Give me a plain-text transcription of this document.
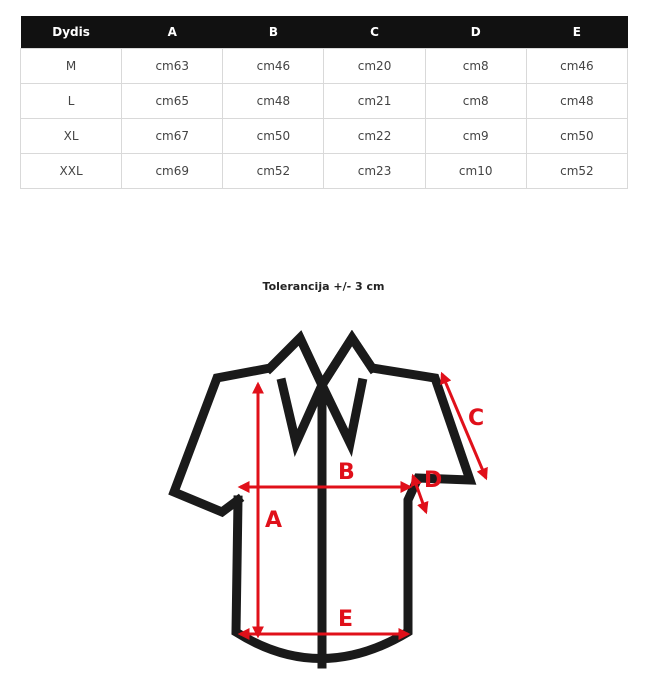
Dydis	A	B	C	D	E
M	cm63	cm46	cm20	cm8	cm46
L	cm65	cm48	cm21	cm8	cm48
XL	cm67	cm50	cm22	cm9	cm50
XXL	cm69	cm52	cm23	cm10	cm52
Tolerancija +/- 3 cm
A
B
C
D
E
